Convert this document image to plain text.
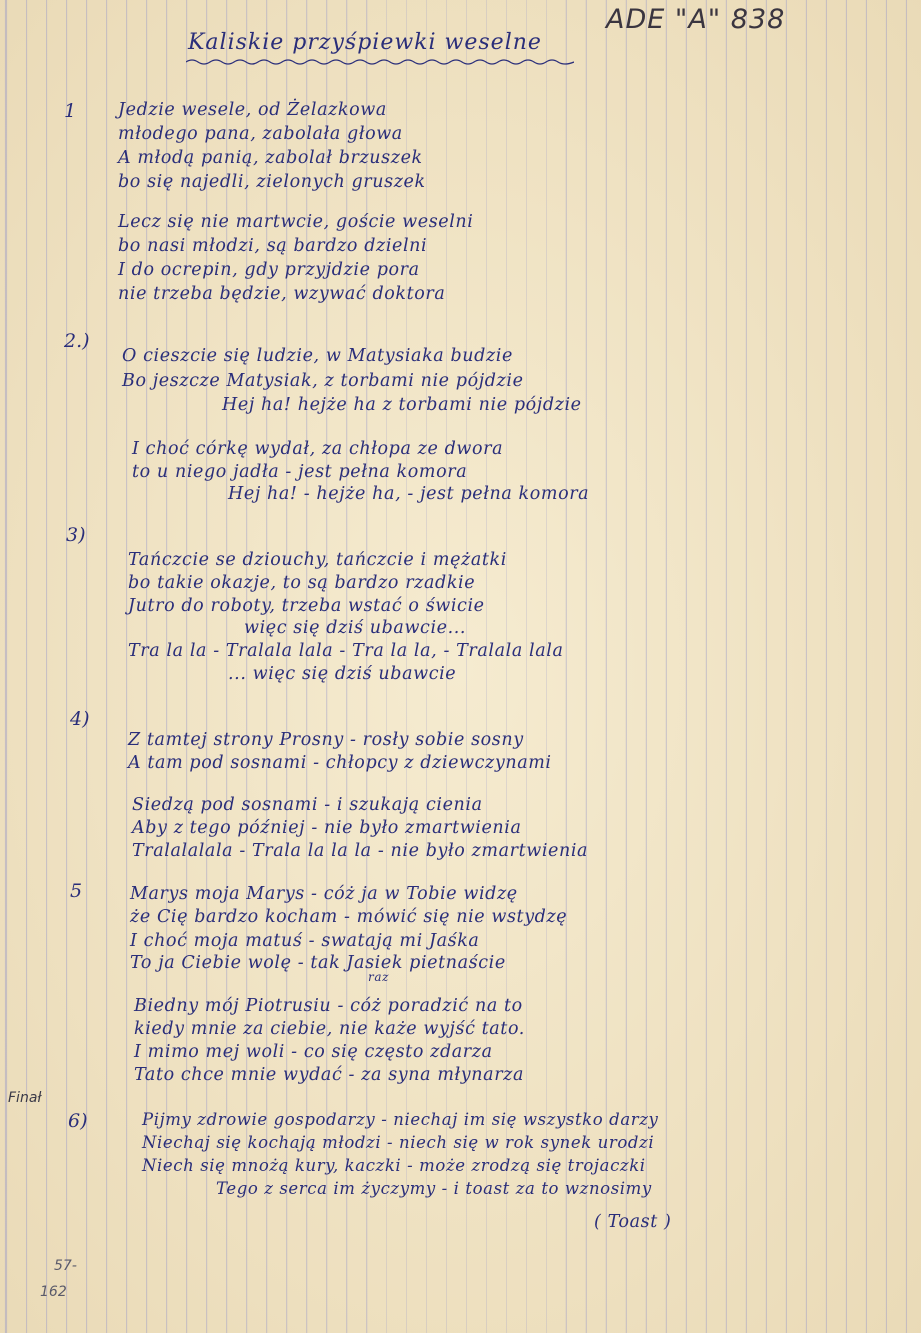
ADE "A" 838
Kaliskie przyśpiewki weselne
1 Jedzie wesele, od Żelazkowa
młodego pana, zabolała głowa
A młodą panią, zabolał brzuszek
bo się najedli, zielonych gruszek
Lecz się nie martwcie, goście weselni
bo nasi młodzi, są bardzo dzielni
I do ocrepin, gdy przyjdzie pora
nie trzeba będzie, wzywać doktora
2.)
O cieszcie się ludzie, w Matysiaka budzie
Bo jeszcze Matysiak, z torbami nie pójdzie
Hej ha! hejże ha z torbami nie pójdzie
I choć córkę wydał, za chłopa ze dwora
to u niego jadła - jest pełna komora
Hej ha! - hejże ha, - jest pełna komora
3)
Tańczcie se dziouchy, tańczcie i mężatki
bo takie okazje, to są bardzo rzadkie
Jutro do roboty, trzeba wstać o świcie
więc się dziś ubawcie...
Tra la la - Tralala lala - Tra la la, - Tralala lala
... więc się dziś ubawcie
4)
Z tamtej strony Prosny - rosły sobie sosny
A tam pod sosnami - chłopcy z dziewczynami
Siedzą pod sosnami - i szukają cienia
Aby z tego później - nie było zmartwienia
Tralalalala - Trala la la la - nie było zmartwienia
5	Marys moja Marys - cóż ja w Tobie widzę
że Cię bardzo kocham - mówić się nie wstydzę
I choć moja matuś - swatają mi Jaśka
To ja Ciebie wolę - tak Jasiek pietnaście
raz
Biedny mój Piotrusiu - cóż poradzić na to
kiedy mnie za ciebie, nie każe wyjść tato.
I mimo mej woli - co się często zdarza
Tato chce mnie wydać - za syna młynarza
Finał
6)	Pijmy zdrowie gospodarzy - niechaj im się wszystko darzy
Niechaj się kochają młodzi - niech się w rok synek urodzi
Niech się mnożą kury, kaczki - może zrodzą się trojaczki
Tego z serca im życzymy - i toast za to wznosimy
( Toast )
57-
162
